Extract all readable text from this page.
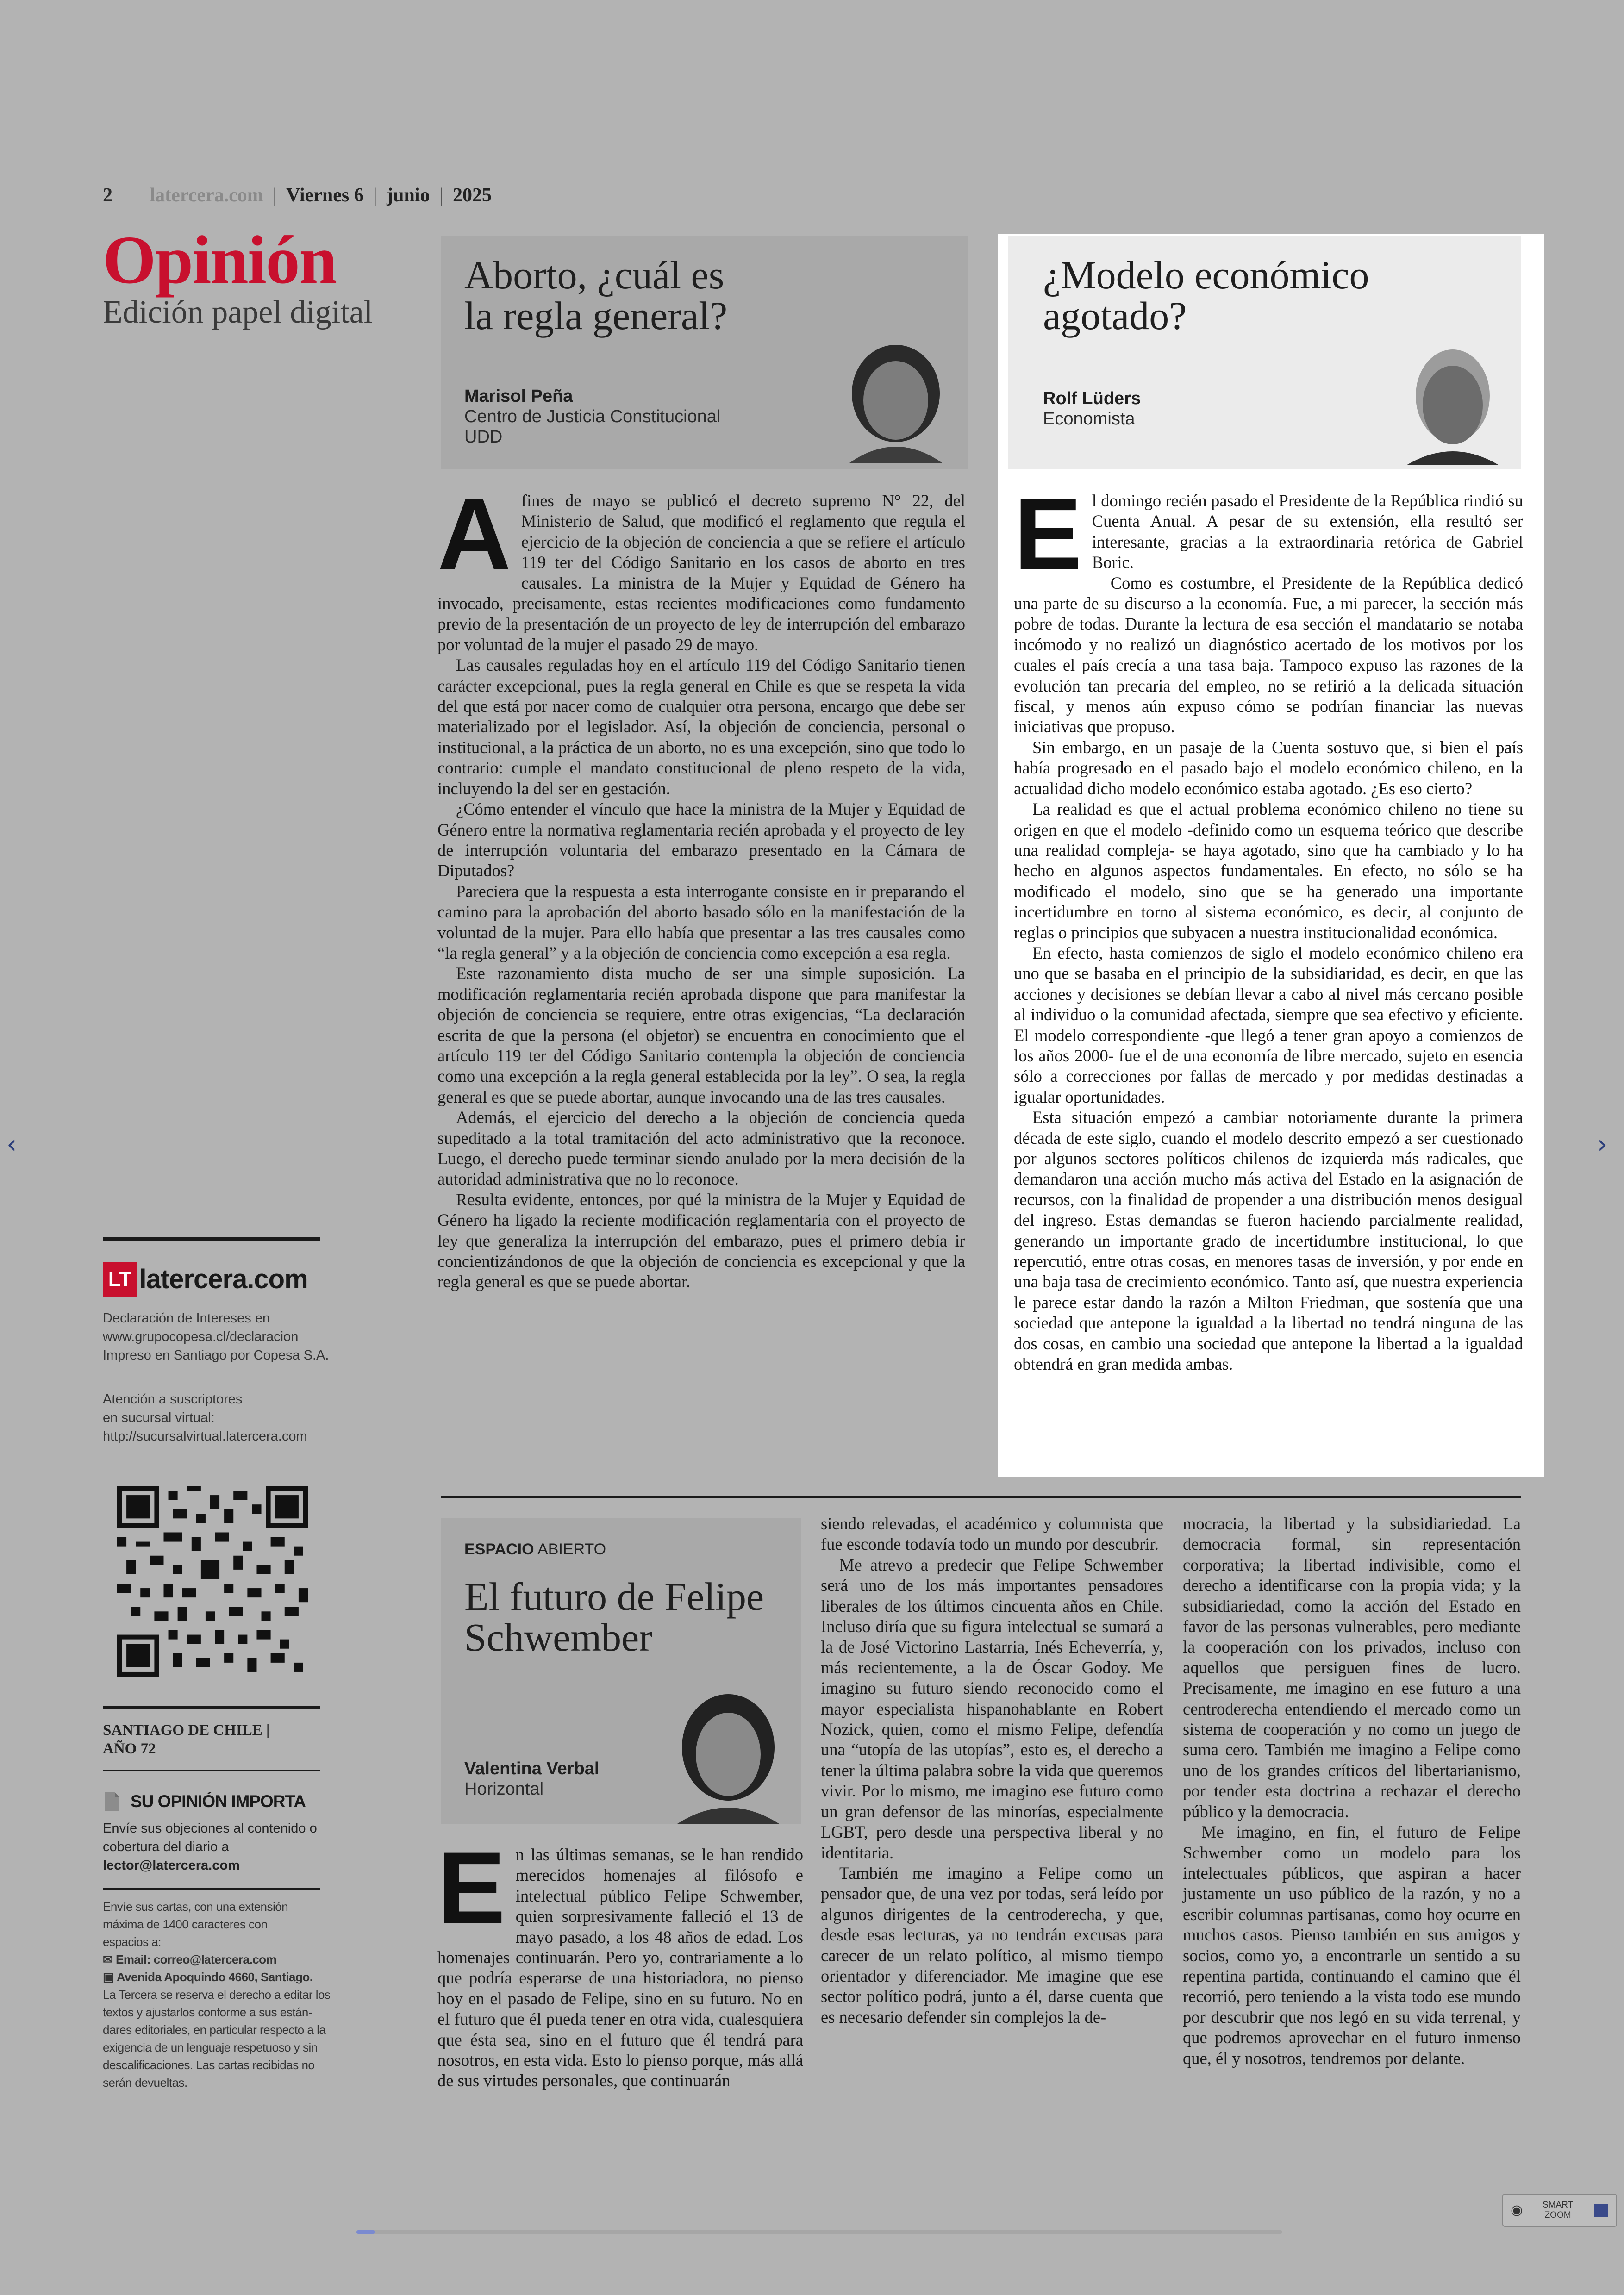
2 latercera.com | Viernes 6 | junio | 2025
Opinión
Edición papel digital
Aborto, ¿cuál es
la regla general?
Marisol Peña
Centro de Justicia Constitucional
UDD
A fines de mayo se publicó el decreto supremo N° 22, del Ministerio de Salud, que modificó el reglamento que regula el ejercicio de la objeción de conciencia a que se refiere el artículo 119 ter del Código Sanitario en los casos de aborto en tres causales. La ministra de la Mujer y Equidad de Género ha invocado, precisamente, estas recientes modificaciones como fundamento previo de la presentación de un proyecto de ley de interrupción del embarazo por voluntad de la mujer el pasado 29 de mayo.

Las causales reguladas hoy en el artículo 119 del Código Sanitario tienen carácter excepcional, pues la regla general en Chile es que se respeta la vida del que está por nacer como de cualquier otra persona, encargo que debe ser materializado por el legislador. Así, la objeción de conciencia, personal o institucional, a la práctica de un aborto, no es una excepción, sino que todo lo contrario: cumple el mandato constitucional de pleno respeto de la vida, incluyendo la del ser en gestación.

¿Cómo entender el vínculo que hace la ministra de la Mujer y Equidad de Género entre la normativa reglamentaria recién aprobada y el proyecto de ley de interrupción voluntaria del embarazo presentado en la Cámara de Diputados?

Pareciera que la respuesta a esta interrogante consiste en ir preparando el camino para la aprobación del aborto basado sólo en la manifestación de la voluntad de la mujer. Para ello había que presentar a las tres causales como “la regla general” y a la objeción de conciencia como excepción a esa regla.

Este razonamiento dista mucho de ser una simple suposición. La modificación reglamentaria recién aprobada dispone que para manifestar la objeción de conciencia se requiere, entre otras exigencias, “La declaración escrita de que la persona (el objetor) se encuentra en conocimiento que el artículo 119 ter del Código Sanitario contempla la objeción de conciencia como una excepción a la regla general establecida por la ley”. O sea, la regla general es que se puede abortar, aunque invocando una de las tres causales.

Además, el ejercicio del derecho a la objeción de conciencia queda supeditado a la total tramitación del acto administrativo que la reconoce. Luego, el derecho puede terminar siendo anulado por la mera decisión de la autoridad administrativa que no lo reconoce.

Resulta evidente, entonces, por qué la ministra de la Mujer y Equidad de Género ha ligado la reciente modificación reglamentaria con el proyecto de ley que generaliza la interrupción del embarazo, pues el primero debía ir concientizándonos de que la objeción de conciencia es excepcional y que la regla general es que se puede abortar.

¿Modelo económico
agotado?
Rolf Lüders
Economista
E l domingo recién pasado el Presidente de la República rindió su Cuenta Anual. A pesar de su extensión, ella resultó ser interesante, gracias a la extraordinaria retórica de Gabriel Boric.

Como es costumbre, el Presidente de la República dedicó una parte de su discurso a la economía. Fue, a mi parecer, la sección más pobre de todas. Durante la lectura de esa sección el mandatario se notaba incómodo y no realizó un diagnóstico acertado de los motivos por los cuales el país crecía a una tasa baja. Tampoco expuso las razones de la evolución tan precaria del empleo, no se refirió a la delicada situación fiscal, y menos aún expuso cómo se podrían financiar las nuevas iniciativas que propuso.

Sin embargo, en un pasaje de la Cuenta sostuvo que, si bien el país había progresado en el pasado bajo el modelo económico chileno, en la actualidad dicho modelo económico estaba agotado. ¿Es eso cierto?

La realidad es que el actual problema económico chileno no tiene su origen en que el modelo -definido como un esquema teórico que describe una realidad compleja- se haya agotado, sino que ha cambiado y lo ha hecho en algunos aspectos fundamentales. En efecto, no sólo se ha modificado el modelo, sino que se ha generado una importante incertidumbre en torno al sistema económico, es decir, al conjunto de reglas o principios que subyacen a nuestra institucionalidad económica.

En efecto, hasta comienzos de siglo el modelo económico chileno era uno que se basaba en el principio de la subsidiaridad, es decir, en que las acciones y decisiones se debían llevar a cabo al nivel más cercano posible al individuo o la comunidad afectada, siempre que sea efectivo y eficiente. El modelo correspondiente -que llegó a tener gran apoyo a comienzos de los años 2000- fue el de una economía de libre mercado, sujeto en esencia sólo a correcciones por fallas de mercado y por medidas destinadas a igualar oportunidades.

Esta situación empezó a cambiar notoriamente durante la primera década de este siglo, cuando el modelo descrito empezó a ser cuestionado por algunos sectores políticos chilenos de izquierda más radicales, que demandaron una acción mucho más activa del Estado en la asignación de recursos, con la finalidad de propender a una distribución menos desigual del ingreso. Estas demandas se fueron haciendo parcialmente realidad, generando un importante grado de incertidumbre institucional, lo que repercutió, entre otras cosas, en menores tasas de inversión, y por ende en una baja tasa de crecimiento económico. Tanto así, que nuestra experiencia le parece estar dando la razón a Milton Friedman, que sostenía que una sociedad que antepone la igualdad a la libertad no tendrá ninguna de las dos cosas, en cambio una sociedad que antepone la libertad a la igualdad obtendrá en gran medida ambas.

ESPACIO ABIERTO
El futuro de Felipe
Schwember
Valentina Verbal
Horizontal
E n las últimas semanas, se le han rendido merecidos homenajes al filósofo e intelectual público Felipe Schwember, quien sorpresivamente falleció el 13 de mayo pasado, a los 48 años de edad. Los homenajes continuarán. Pero yo, contrariamente a lo que podría esperarse de una historiadora, no pienso hoy en el pasado de Felipe, sino en su futuro. No en el futuro que él pueda tener en otra vida, cualesquiera que ésta sea, sino en el futuro que él tendrá para nosotros, en esta vida. Esto lo pienso porque, más allá de sus virtudes personales, que continuarán

siendo relevadas, el académico y columnista que fue esconde todavía todo un mundo por descubrir.

Me atrevo a predecir que Felipe Schwember será uno de los más importantes pensadores liberales de los últimos cincuenta años en Chile. Incluso diría que su figura intelectual se sumará a la de José Victorino Lastarria, Inés Echeverría, y, más recientemente, a la de Óscar Godoy. Me imagino su futuro siendo reconocido como el mayor especialista hispanohablante en Robert Nozick, quien, como el mismo Felipe, defendía una “utopía de las utopías”, esto es, el derecho a tener la última palabra sobre la vida que queremos vivir. Por lo mismo, me imagino ese futuro como un gran defensor de las minorías, especialmente LGBT, pero desde una perspectiva liberal y no identitaria.

También me imagino a Felipe como un pensador que, de una vez por todas, será leído por algunos dirigentes de la centroderecha, y que, desde esas lecturas, ya no tendrán excusas para carecer de un relato político, al mismo tiempo orientador y diferenciador. Me imagine que ese sector político podrá, junto a él, darse cuenta que es necesario defender sin complejos la de-

mocracia, la libertad y la subsidiariedad. La democracia formal, sin representación corporativa; la libertad indivisible, como el derecho a identificarse con la propia vida; y la subsidiariedad, como la acción del Estado en favor de las personas vulnerables, pero mediante la cooperación con los privados, incluso con aquellos que persiguen fines de lucro. Precisamente, me imagino en ese futuro a una centroderecha entendiendo el mercado como un sistema de cooperación y no como un juego de suma cero. También me imagino a Felipe como uno de los grandes críticos del libertarianismo, por tender esta doctrina a rechazar el derecho público y la democracia.

Me imagino, en fin, el futuro de Felipe Schwember como un modelo para los intelectuales públicos, que aspiran a hacer justamente un uso público de la razón, y no a escribir columnas partisanas, como hoy ocurre en muchos casos. Pienso también en sus amigos y socios, como yo, a encontrarle un sentido a su repentina partida, continuando el camino que él recorrió, pero teniendo a la vista todo ese mundo por descubrir que nos legó en su vida terrenal, y que podremos aprovechar en el futuro inmenso que, él y nosotros, tendremos por delante.

LT latercera.com
Declaración de Intereses en
www.grupocopesa.cl/declaracion
Impreso en Santiago por Copesa S.A.
Atención a suscriptores
en sucursal virtual:
http://sucursalvirtual.latercera.com
SANTIAGO DE CHILE |
AÑO 72
SU OPINIÓN IMPORTA
Envíe sus objeciones al contenido o
cobertura del diario a
lector@latercera.com
Envíe sus cartas, con una extensión
máxima de 1400 caracteres con
espacios a:
✉ Email: correo@latercera.com
▣ Avenida Apoquindo 4660, Santiago.
La Tercera se reserva el derecho a editar los
textos y ajustarlos conforme a sus están-
dares editoriales, en particular respecto a la
exigencia de un lenguaje respetuoso y sin
descalificaciones. Las cartas recibidas no
serán devueltas.
‹	›
◉ SMART
ZOOM
